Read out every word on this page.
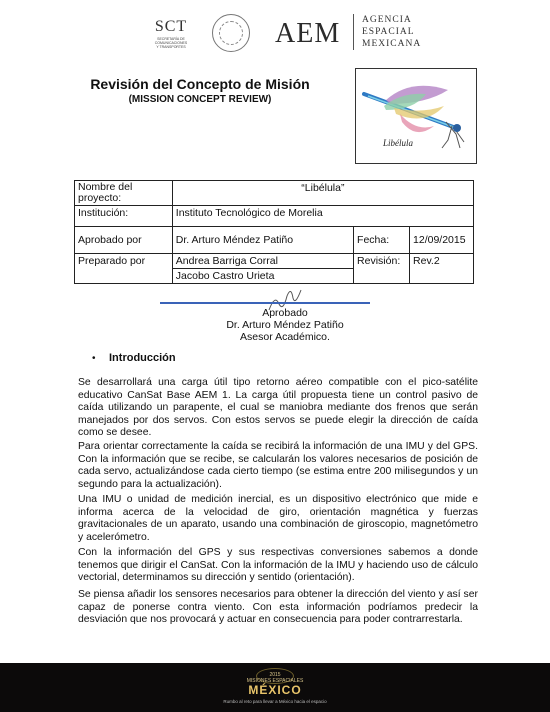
SCT
SECRETARÍA DE
COMUNICACIONES
Y TRANSPORTES	AEM AGENCIA
ESPACIAL
MEXICANA
Revisión del Concepto de Misión
(MISSION CONCEPT REVIEW)
Libélula
Nombre del proyecto:	“Libélula”		
Institución:	Instituto Tecnológico de Morelia		
Aprobado por	Dr. Arturo Méndez Patiño	Fecha:	12/09/2015
Preparado por	Andrea Barriga Corral	Revisión:	Rev.2
	Jacobo Castro Urieta		
Aprobado
Dr. Arturo Méndez Patiño
Asesor Académico.
• Introducción
Se desarrollará una carga útil tipo retorno aéreo compatible con el pico-satélite educativo CanSat Base AEM 1. La carga útil propuesta tiene un control pasivo de caída utilizando un parapente, el cual se maniobra mediante dos frenos que serán manejados por dos servos. Con estos servos se puede elegir la dirección de caída como se desee.
Para orientar correctamente la caída se recibirá la información de una IMU y del GPS. Con la información que se recibe, se calcularán los valores necesarios de posición de cada servo, actualizándose cada cierto tiempo (se estima entre 200 milisegundos y un segundo para la actualización).
Una IMU o unidad de medición inercial, es un dispositivo electrónico que mide e informa acerca de la velocidad de giro, orientación magnética y fuerzas gravitacionales de un aparato, usando una combinación de giroscopio, magnetómetro y acelerómetro.
Con la información del GPS y sus respectivas conversiones sabemos a donde tenemos que dirigir el CanSat. Con la información de la IMU y haciendo uso de cálculo vectorial, determinamos su dirección y sentido (orientación).
Se piensa añadir los sensores necesarios para obtener la dirección del viento y así ser capaz de ponerse contra viento. Con esta información podríamos predecir la desviación que nos provocará y actuar en consecuencia para poder contrarrestarla.
2015
MISIONES ESPACIALES
MÉXICO
Rumbo al reto para llevar a México hacia el espacio
